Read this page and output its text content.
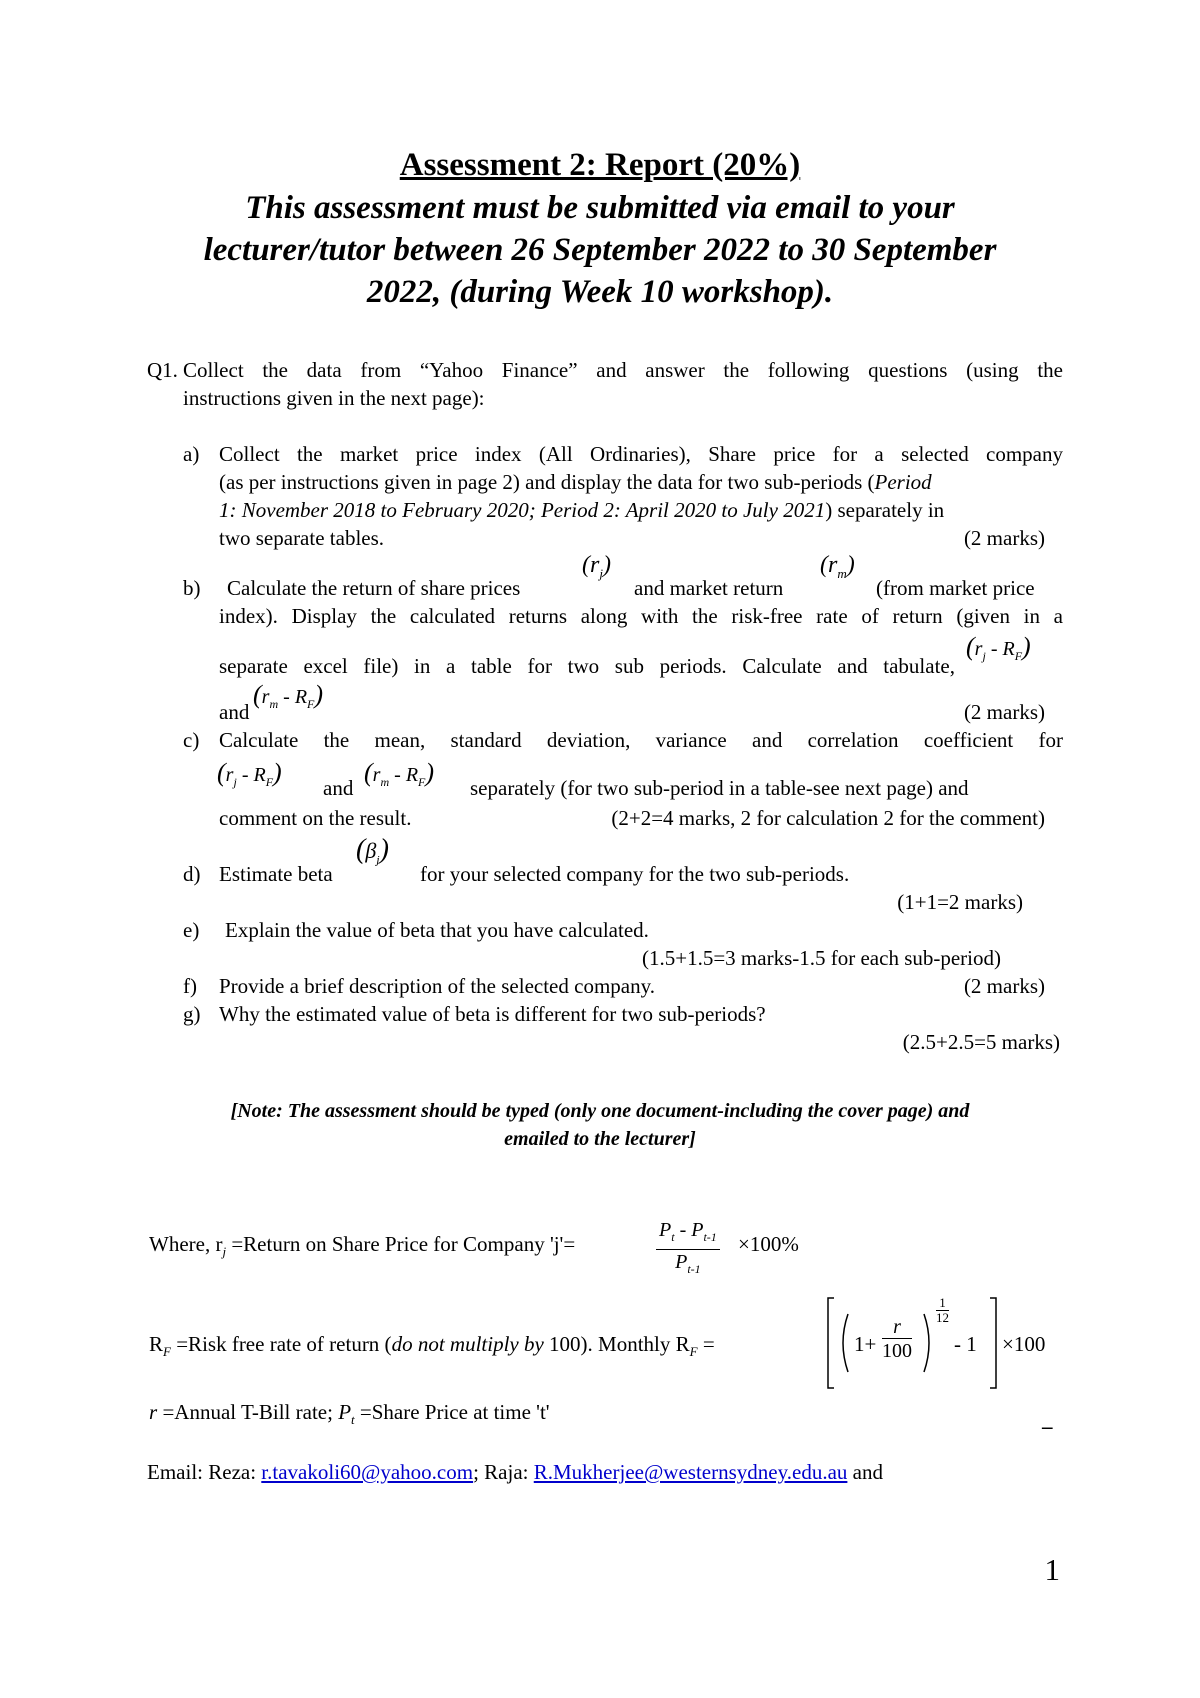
Assessment 2: Report (20%)
This assessment must be submitted via email to your
lecturer/tutor between 26 September 2022 to 30 September
2022, (during Week 10 workshop).
Q1. Collect the data from “Yahoo Finance” and answer the following questions (using the
instructions given in the next page):
a) Collect the market price index (All Ordinaries), Share price for a selected company
(as per instructions given in page 2) and display the data for two sub-periods (Period
1: November 2018 to February 2020; Period 2: April 2020 to July 2021) separately in
two separate tables.	(2 marks)
b) Calculate the return of share prices
$(r_j)$
and market return
$(r_m)$
(from market price
index). Display the calculated returns along with the risk-free rate of return (given in a
separate excel file) in a table for two sub periods. Calculate and tabulate,
$(r_j - R_F)$
and
$(r_m - R_F)$
(2 marks)
c) Calculate the mean, standard deviation, variance and correlation coefficient for
$(r_j - R_F)$
and
$(r_m - R_F)$
separately (for two sub-period in a table-see next page) and
comment on the result.	(2+2=4 marks, 2 for calculation 2 for the comment)
d) Estimate beta
$(\beta_j)$
for your selected company for the two sub-periods.
(1+1=2 marks)
e) Explain the value of beta that you have calculated.
(1.5+1.5=3 marks-1.5 for each sub-period)
f) Provide a brief description of the selected company.	(2 marks)
g) Why the estimated value of beta is different for two sub-periods?
(2.5+2.5=5 marks)
[Note: The assessment should be typed (only one document-including the cover page) and
emailed to the lecturer]
Where, $r_j$ =Return on Share Price for Company 'j'=	$\frac{P_t - P_{t-1}}{P_{t-1}} \times 100\%$
$R_F$ =Risk free rate of return (do not multiply by 100). Monthly $R_F$ =	$1+ \frac{r}{100}$
$\frac{1}{12}$
- 1 ×100
r =Annual T-Bill rate; $P_t$ =Share Price at time 't'
–
Email: Reza: r.tavakoli60@yahoo.com; Raja: R.Mukherjee@westernsydney.edu.au and
1
